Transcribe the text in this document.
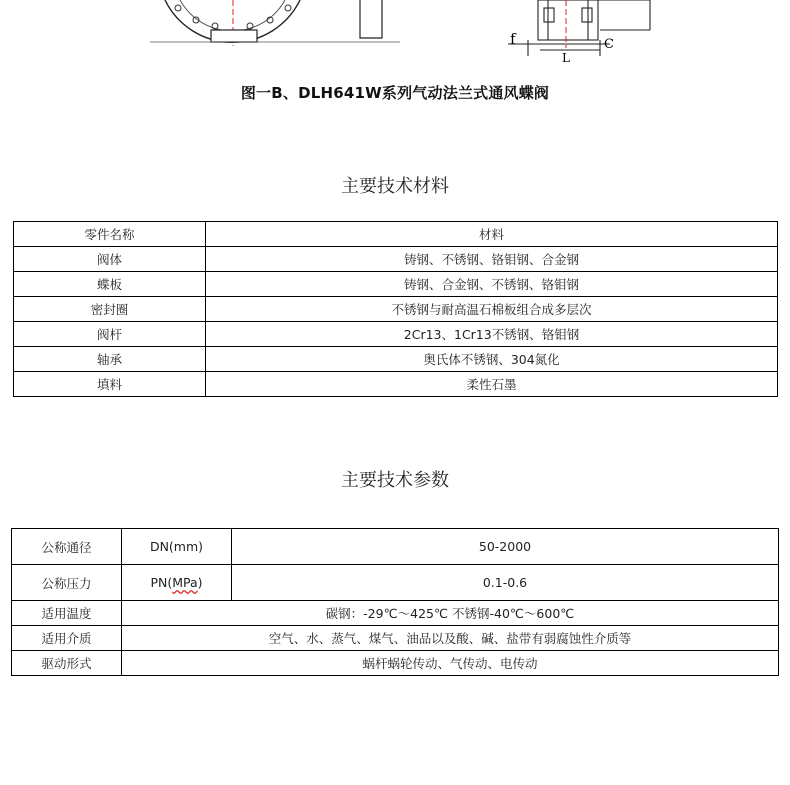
f	C
L
图一B、DLH641W系列气动法兰式通风蝶阀
主要技术材料
零件名称	材料
阀体	铸钢、不锈钢、铬钼钢、合金钢
蝶板	铸钢、合金钢、不锈钢、铬钼钢
密封圈	不锈钢与耐高温石棉板组合成多层次
阀杆	2Cr13、1Cr13不锈钢、铬钼钢
轴承	奥氏体不锈钢、304氮化
填料	柔性石墨
主要技术参数
公称通径	DN(mm)	50-2000
公称压力	PN(MPa)	0.1-0.6
适用温度	碳钢：-29℃～425℃ 不锈钢-40℃～600℃	
适用介质	空气、水、蒸气、煤气、油品以及酸、碱、盐带有弱腐蚀性介质等	
驱动形式	蜗杆蜗轮传动、气传动、电传动	
